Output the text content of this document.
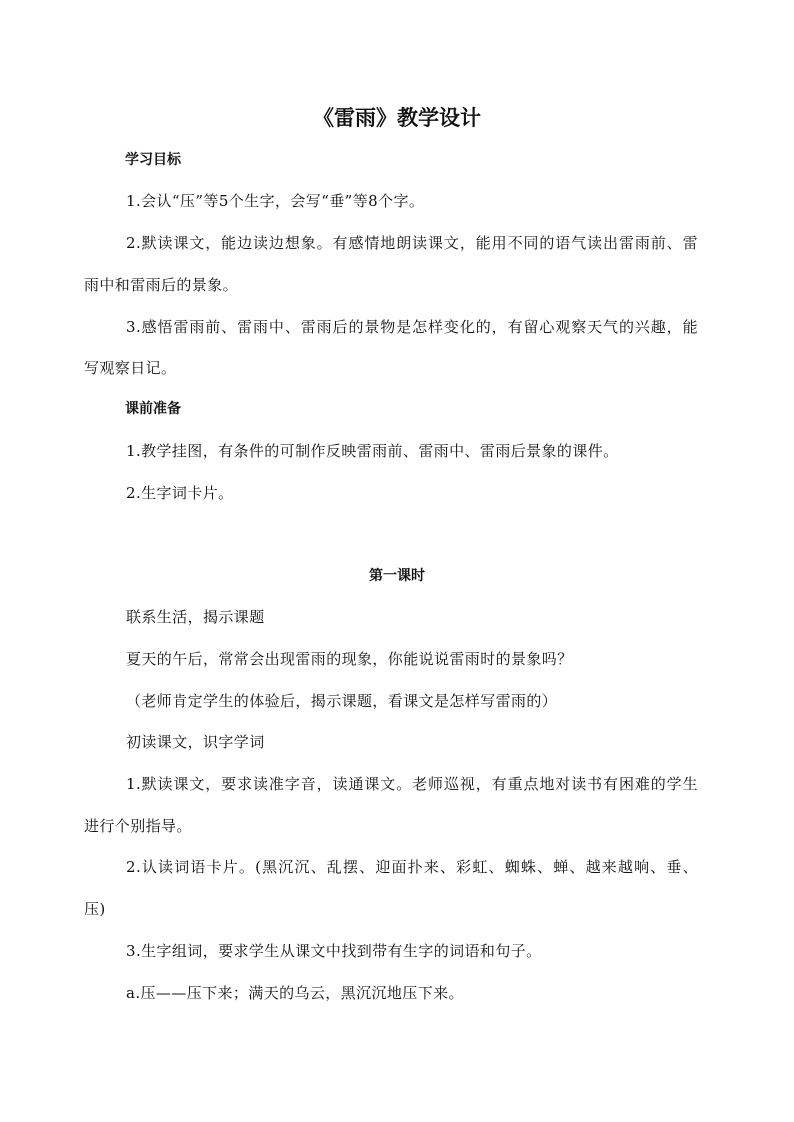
《雷雨》教学设计
学习目标
1.会认“压”等5个生字，会写“垂”等8个字。
2.默读课文，能边读边想象。有感情地朗读课文，能用不同的语气读出雷雨前、雷
雨中和雷雨后的景象。
3.感悟雷雨前、雷雨中、雷雨后的景物是怎样变化的，有留心观察天气的兴趣，能
写观察日记。
课前准备
1.教学挂图，有条件的可制作反映雷雨前、雷雨中、雷雨后景象的课件。
2.生字词卡片。
第一课时
联系生活，揭示课题
夏天的午后，常常会出现雷雨的现象，你能说说雷雨时的景象吗？
（老师肯定学生的体验后，揭示课题，看课文是怎样写雷雨的）
初读课文，识字学词
1.默读课文，要求读准字音，读通课文。老师巡视，有重点地对读书有困难的学生
进行个别指导。
2.认读词语卡片。(黑沉沉、乱摆、迎面扑来、彩虹、蜘蛛、蝉、越来越响、垂、
压)
3.生字组词，要求学生从课文中找到带有生字的词语和句子。
a.压——压下来；满天的乌云，黑沉沉地压下来。
